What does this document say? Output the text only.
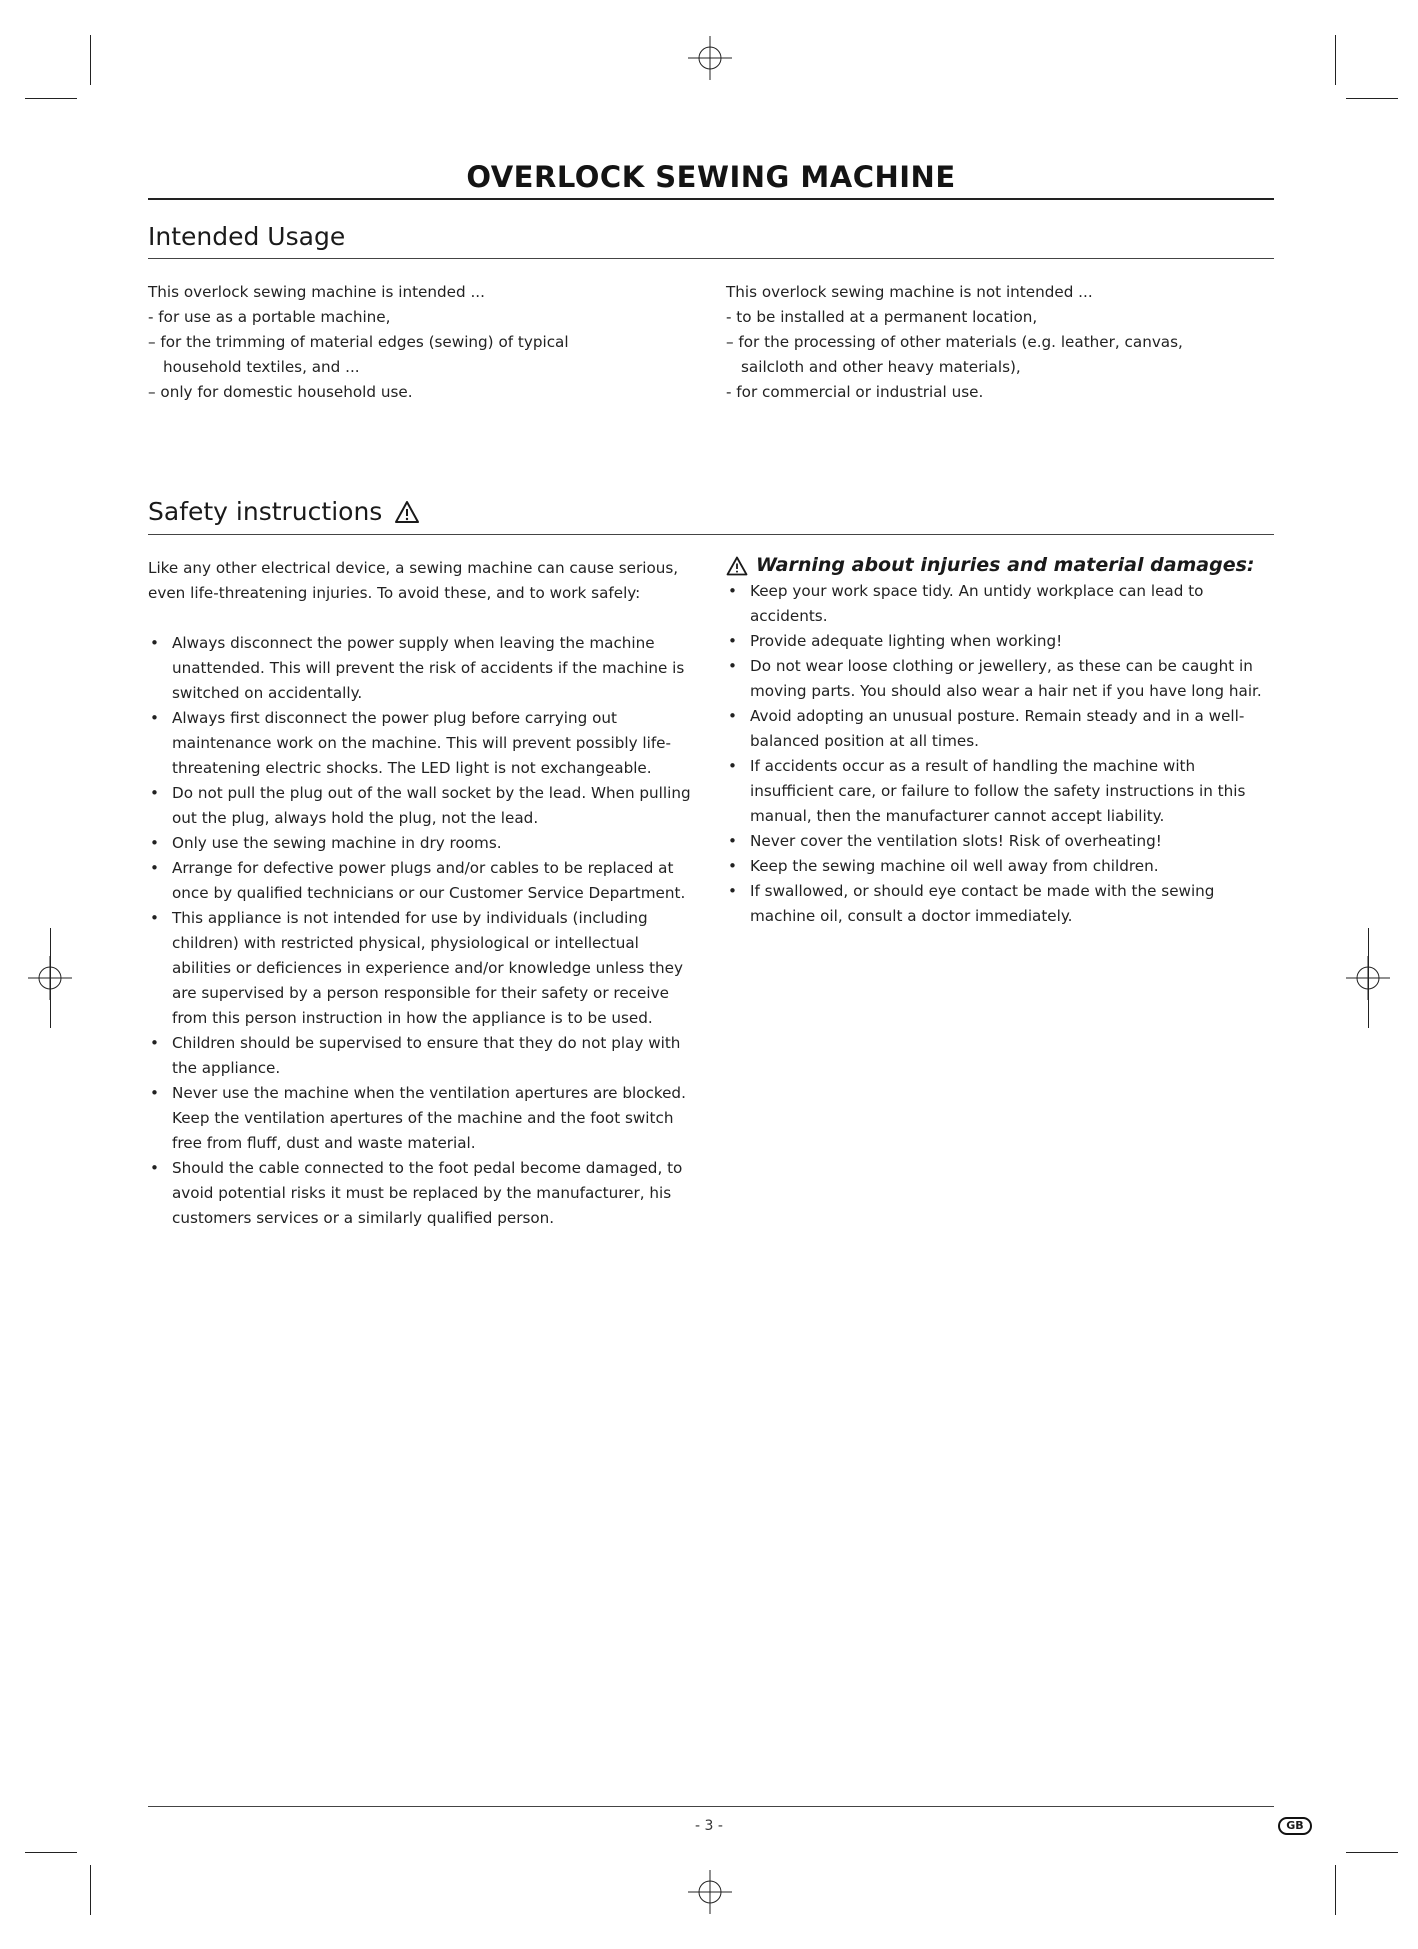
OVERLOCK SEWING MACHINE
Intended Usage

This overlock sewing machine is intended ...

- for use as a portable machine,

– for the trimming of material edges (sewing) of typical household textiles, and ...

– only for domestic household use.

This overlock sewing machine is not intended ...

- to be installed at a permanent location,

– for the processing of other materials (e.g. leather, canvas, sailcloth and other heavy materials),

- for commercial or industrial use.

Safety instructions

Like any other electrical device, a sewing machine can cause serious, even life-threatening injuries. To avoid these, and to work safely:

• Always disconnect the power supply when leaving the machine unattended. This will prevent the risk of accidents if the machine is switched on accidentally.
• Always first disconnect the power plug before carrying out maintenance work on the machine. This will prevent possibly life-threatening electric shocks. The LED light is not exchangeable.
• Do not pull the plug out of the wall socket by the lead. When pulling out the plug, always hold the plug, not the lead.
• Only use the sewing machine in dry rooms.
• Arrange for defective power plugs and/or cables to be replaced at once by qualified technicians or our Customer Service Department.
• This appliance is not intended for use by individuals (including children) with restricted physical, physiological or intellectual abilities or deficiences in experience and/or knowledge unless they are supervised by a person responsible for their safety or receive from this person instruction in how the appliance is to be used.
• Children should be supervised to ensure that they do not play with the appliance.
• Never use the machine when the ventilation apertures are blocked. Keep the ventilation apertures of the machine and the foot switch free from fluff, dust and waste material.
• Should the cable connected to the foot pedal become damaged, to avoid potential risks it must be replaced by the manufacturer, his customers services or a similarly qualified person.
Warning about injuries and material damages:
• Keep your work space tidy. An untidy workplace can lead to accidents.
• Provide adequate lighting when working!
• Do not wear loose clothing or jewellery, as these can be caught in moving parts. You should also wear a hair net if you have long hair.
• Avoid adopting an unusual posture. Remain steady and in a well-balanced position at all times.
• If accidents occur as a result of handling the machine with insufficient care, or failure to follow the safety instructions in this manual, then the manufacturer cannot accept liability.
• Never cover the ventilation slots! Risk of overheating!
• Keep the sewing machine oil well away from children.
• If swallowed, or should eye contact be made with the sewing machine oil, consult a doctor immediately.
- 3 -	GB
